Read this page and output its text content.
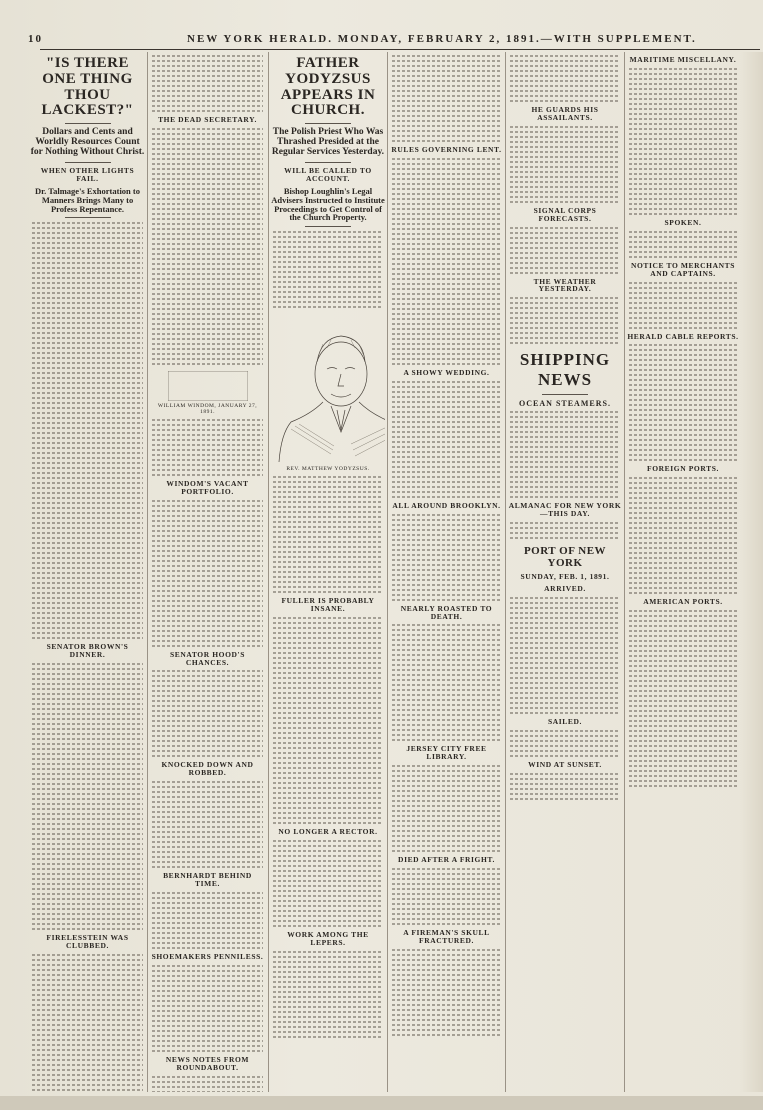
10	NEW YORK HERALD. MONDAY, FEBRUARY 2, 1891.—WITH SUPPLEMENT.
"IS THERE ONE THING THOU LACKEST?"
Dollars and Cents and Worldly Resources Count for Nothing Without Christ.
WHEN OTHER LIGHTS FAIL.
Dr. Talmage's Exhortation to Manners Brings Many to Profess Repentance.
SENATOR BROWN'S DINNER.
FIRELESSTEIN WAS CLUBBED.
THE DEAD SECRETARY.
WILLIAM WINDOM, JANUARY 27, 1891.
WINDOM'S VACANT PORTFOLIO.
SENATOR HOOD'S CHANCES.
KNOCKED DOWN AND ROBBED.
BERNHARDT BEHIND TIME.
SHOEMAKERS PENNILESS.
NEWS NOTES FROM ROUNDABOUT.
FATHER YODYZSUS APPEARS IN CHURCH.
The Polish Priest Who Was Thrashed Presided at the Regular Services Yesterday.
WILL BE CALLED TO ACCOUNT.
Bishop Loughlin's Legal Advisers Instructed to Institute Proceedings to Get Control of the Church Property.
REV. MATTHEW YODYZSUS.
FULLER IS PROBABLY INSANE.
NO LONGER A RECTOR.
WORK AMONG THE LEPERS.
RULES GOVERNING LENT.
A SHOWY WEDDING.
ALL AROUND BROOKLYN.
NEARLY ROASTED TO DEATH.
JERSEY CITY FREE LIBRARY.
DIED AFTER A FRIGHT.
A FIREMAN'S SKULL FRACTURED.
HE GUARDS HIS ASSAILANTS.
SIGNAL CORPS FORECASTS.
THE WEATHER YESTERDAY.
SHIPPING NEWS
OCEAN STEAMERS.
ALMANAC FOR NEW YORK—THIS DAY.
PORT OF NEW YORK
SUNDAY, FEB. 1, 1891.
ARRIVED.
SAILED.
WIND AT SUNSET.
MARITIME MISCELLANY.
SPOKEN.
NOTICE TO MERCHANTS AND CAPTAINS.
HERALD CABLE REPORTS.
FOREIGN PORTS.
AMERICAN PORTS.
